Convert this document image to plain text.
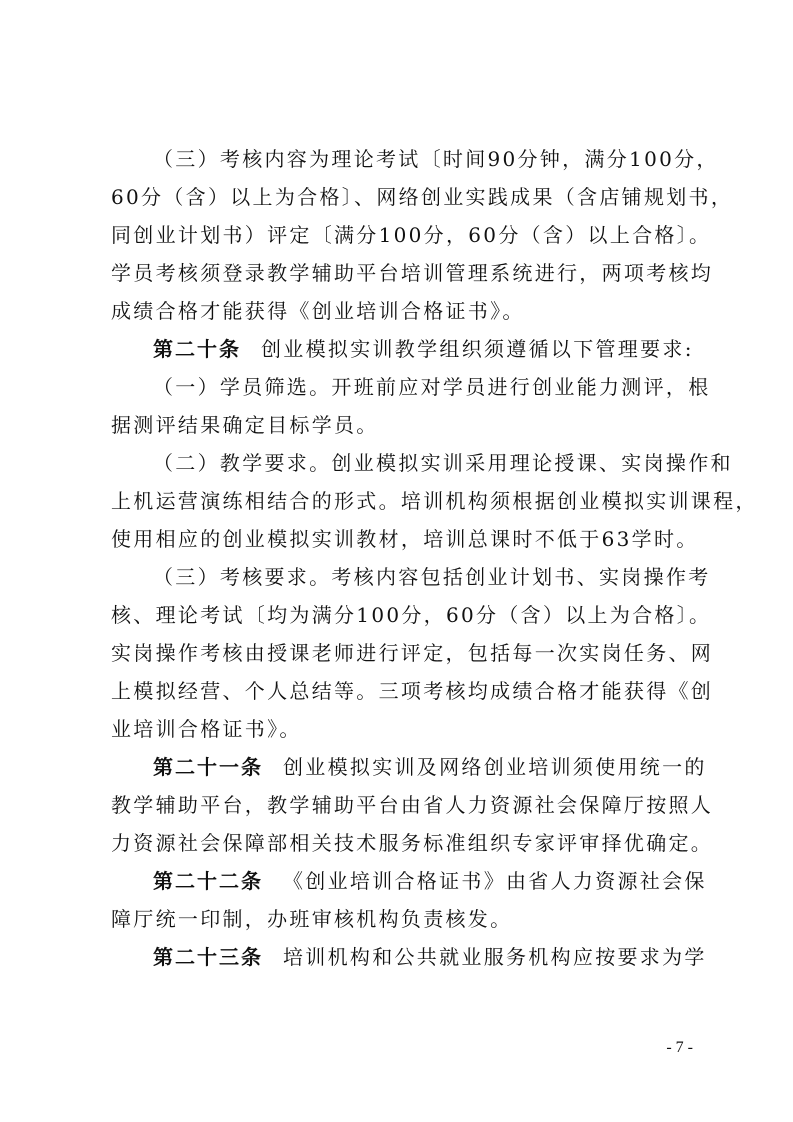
（三）考核内容为理论考试〔时间90分钟，满分100分，
60分（含）以上为合格〕、网络创业实践成果（含店铺规划书，
同创业计划书）评定〔满分100分，60分（含）以上合格〕。
学员考核须登录教学辅助平台培训管理系统进行，两项考核均
成绩合格才能获得《创业培训合格证书》。
第二十条 创业模拟实训教学组织须遵循以下管理要求:
（一）学员筛选。开班前应对学员进行创业能力测评，根
据测评结果确定目标学员。
（二）教学要求。创业模拟实训采用理论授课、实岗操作和
上机运营演练相结合的形式。培训机构须根据创业模拟实训课程，
使用相应的创业模拟实训教材，培训总课时不低于63学时。
（三）考核要求。考核内容包括创业计划书、实岗操作考
核、理论考试〔均为满分100分，60分（含）以上为合格〕。
实岗操作考核由授课老师进行评定，包括每一次实岗任务、网
上模拟经营、个人总结等。三项考核均成绩合格才能获得《创
业培训合格证书》。
第二十一条 创业模拟实训及网络创业培训须使用统一的
教学辅助平台，教学辅助平台由省人力资源社会保障厅按照人
力资源社会保障部相关技术服务标准组织专家评审择优确定。
第二十二条 《创业培训合格证书》由省人力资源社会保
障厅统一印制，办班审核机构负责核发。
第二十三条 培训机构和公共就业服务机构应按要求为学
- 7 -
